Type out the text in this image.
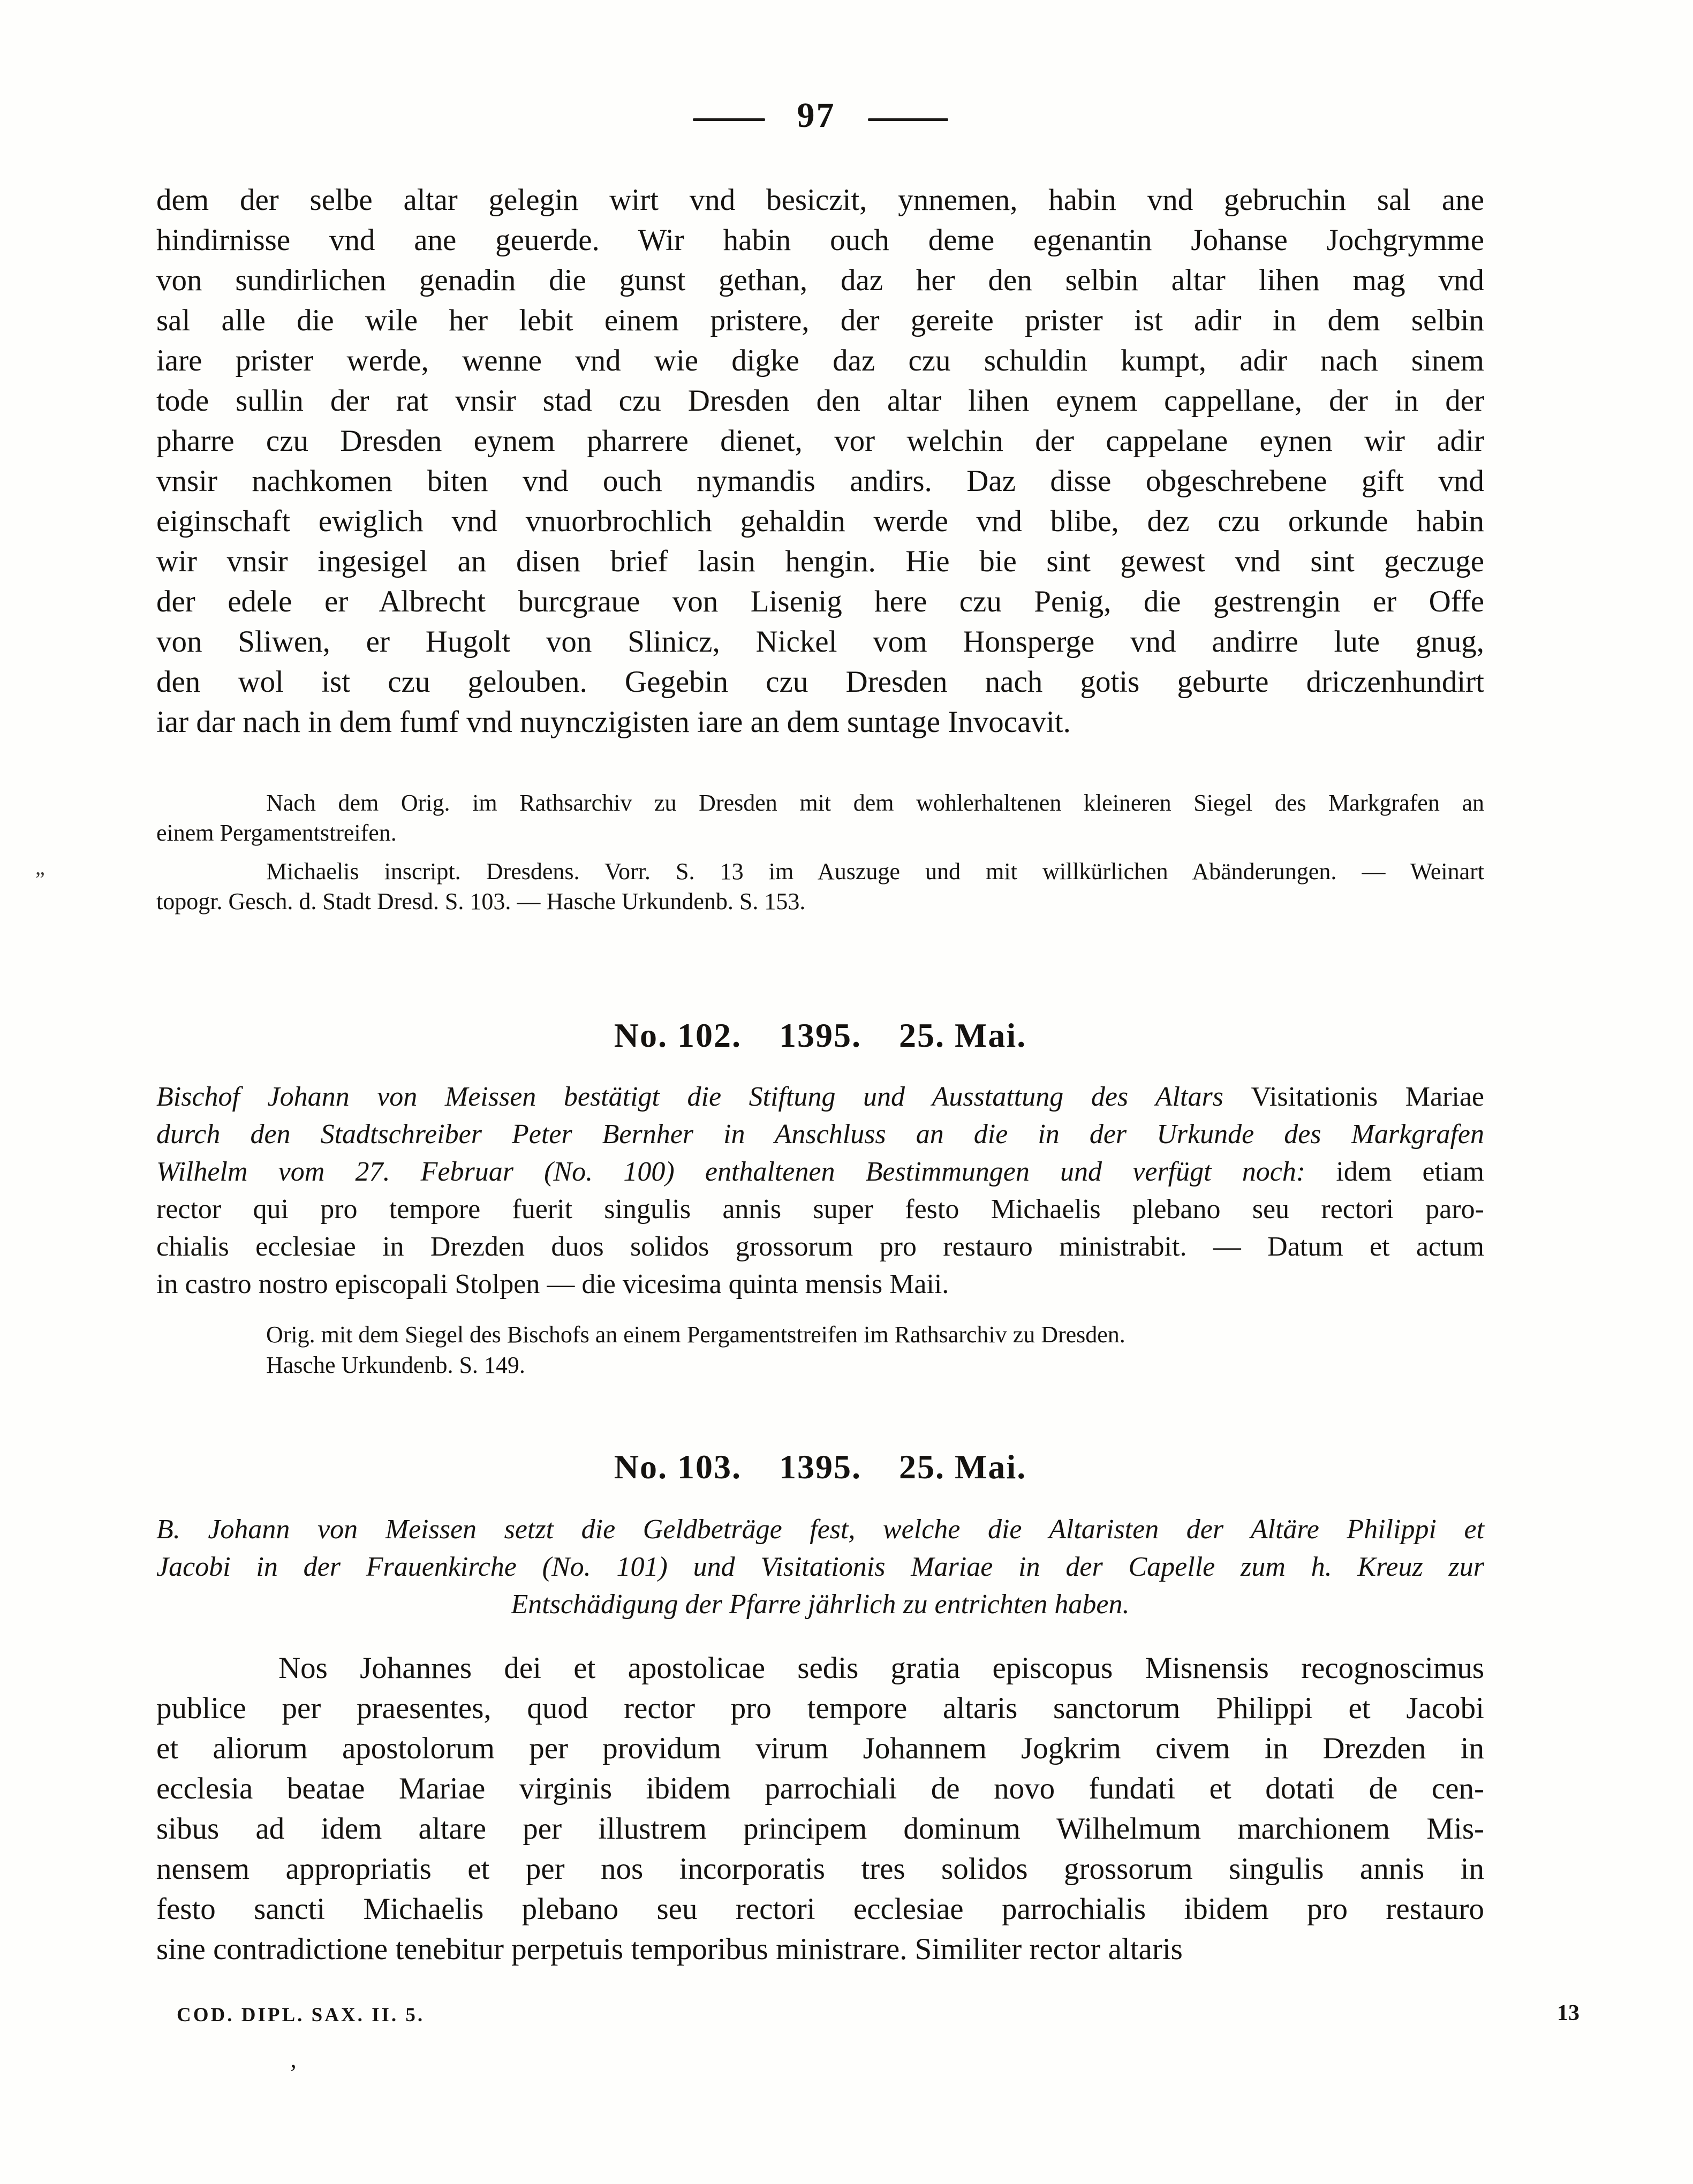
97
dem der selbe altar gelegin wirt vnd besiczit, ynnemen, habin vnd gebruchin sal ane
hindirnisse vnd ane geuerde. Wir habin ouch deme egenantin Johanse Jochgrymme
von sundirlichen genadin die gunst gethan, daz her den selbin altar lihen mag vnd
sal alle die wile her lebit einem pristere, der gereite prister ist adir in dem selbin
iare prister werde, wenne vnd wie digke daz czu schuldin kumpt, adir nach sinem
tode sullin der rat vnsir stad czu Dresden den altar lihen eynem cappellane, der in der
pharre czu Dresden eynem pharrere dienet, vor welchin der cappelane eynen wir adir
vnsir nachkomen biten vnd ouch nymandis andirs. Daz disse obgeschrebene gift vnd
eiginschaft ewiglich vnd vnuorbrochlich gehaldin werde vnd blibe, dez czu orkunde habin
wir vnsir ingesigel an disen brief lasin hengin. Hie bie sint gewest vnd sint geczuge
der edele er Albrecht burcgraue von Lisenig here czu Penig, die gestrengin er Offe
von Sliwen, er Hugolt von Slinicz, Nickel vom Honsperge vnd andirre lute gnug,
den wol ist czu gelouben. Gegebin czu Dresden nach gotis geburte driczenhundirt
iar dar nach in dem fumf vnd nuynczigisten iare an dem suntage Invocavit.
Nach dem Orig. im Rathsarchiv zu Dresden mit dem wohlerhaltenen kleineren Siegel des Markgrafen an
einem Pergamentstreifen.
Michaelis inscript. Dresdens. Vorr. S. 13 im Auszuge und mit willkürlichen Abänderungen. — Weinart
topogr. Gesch. d. Stadt Dresd. S. 103. — Hasche Urkundenb. S. 153.
No. 102. 1395. 25. Mai.
Bischof Johann von Meissen bestätigt die Stiftung und Ausstattung des Altars Visitationis Mariae
durch den Stadtschreiber Peter Bernher in Anschluss an die in der Urkunde des Markgrafen
Wilhelm vom 27. Februar (No. 100) enthaltenen Bestimmungen und verfügt noch: idem etiam
rector qui pro tempore fuerit singulis annis super festo Michaelis plebano seu rectori paro-
chialis ecclesiae in Drezden duos solidos grossorum pro restauro ministrabit. — Datum et actum
in castro nostro episcopali Stolpen — die vicesima quinta mensis Maii.
Orig. mit dem Siegel des Bischofs an einem Pergamentstreifen im Rathsarchiv zu Dresden.
Hasche Urkundenb. S. 149.
No. 103. 1395. 25. Mai.
B. Johann von Meissen setzt die Geldbeträge fest, welche die Altaristen der Altäre Philippi et
Jacobi in der Frauenkirche (No. 101) und Visitationis Mariae in der Capelle zum h. Kreuz zur
Entschädigung der Pfarre jährlich zu entrichten haben.
Nos Johannes dei et apostolicae sedis gratia episcopus Misnensis recognoscimus
publice per praesentes, quod rector pro tempore altaris sanctorum Philippi et Jacobi
et aliorum apostolorum per providum virum Johannem Jogkrim civem in Drezden in
ecclesia beatae Mariae virginis ibidem parrochiali de novo fundati et dotati de cen-
sibus ad idem altare per illustrem principem dominum Wilhelmum marchionem Mis-
nensem appropriatis et per nos incorporatis tres solidos grossorum singulis annis in
festo sancti Michaelis plebano seu rectori ecclesiae parrochialis ibidem pro restauro
sine contradictione tenebitur perpetuis temporibus ministrare. Similiter rector altaris
COD. DIPL. SAX. II. 5.	13
ʼ
„
